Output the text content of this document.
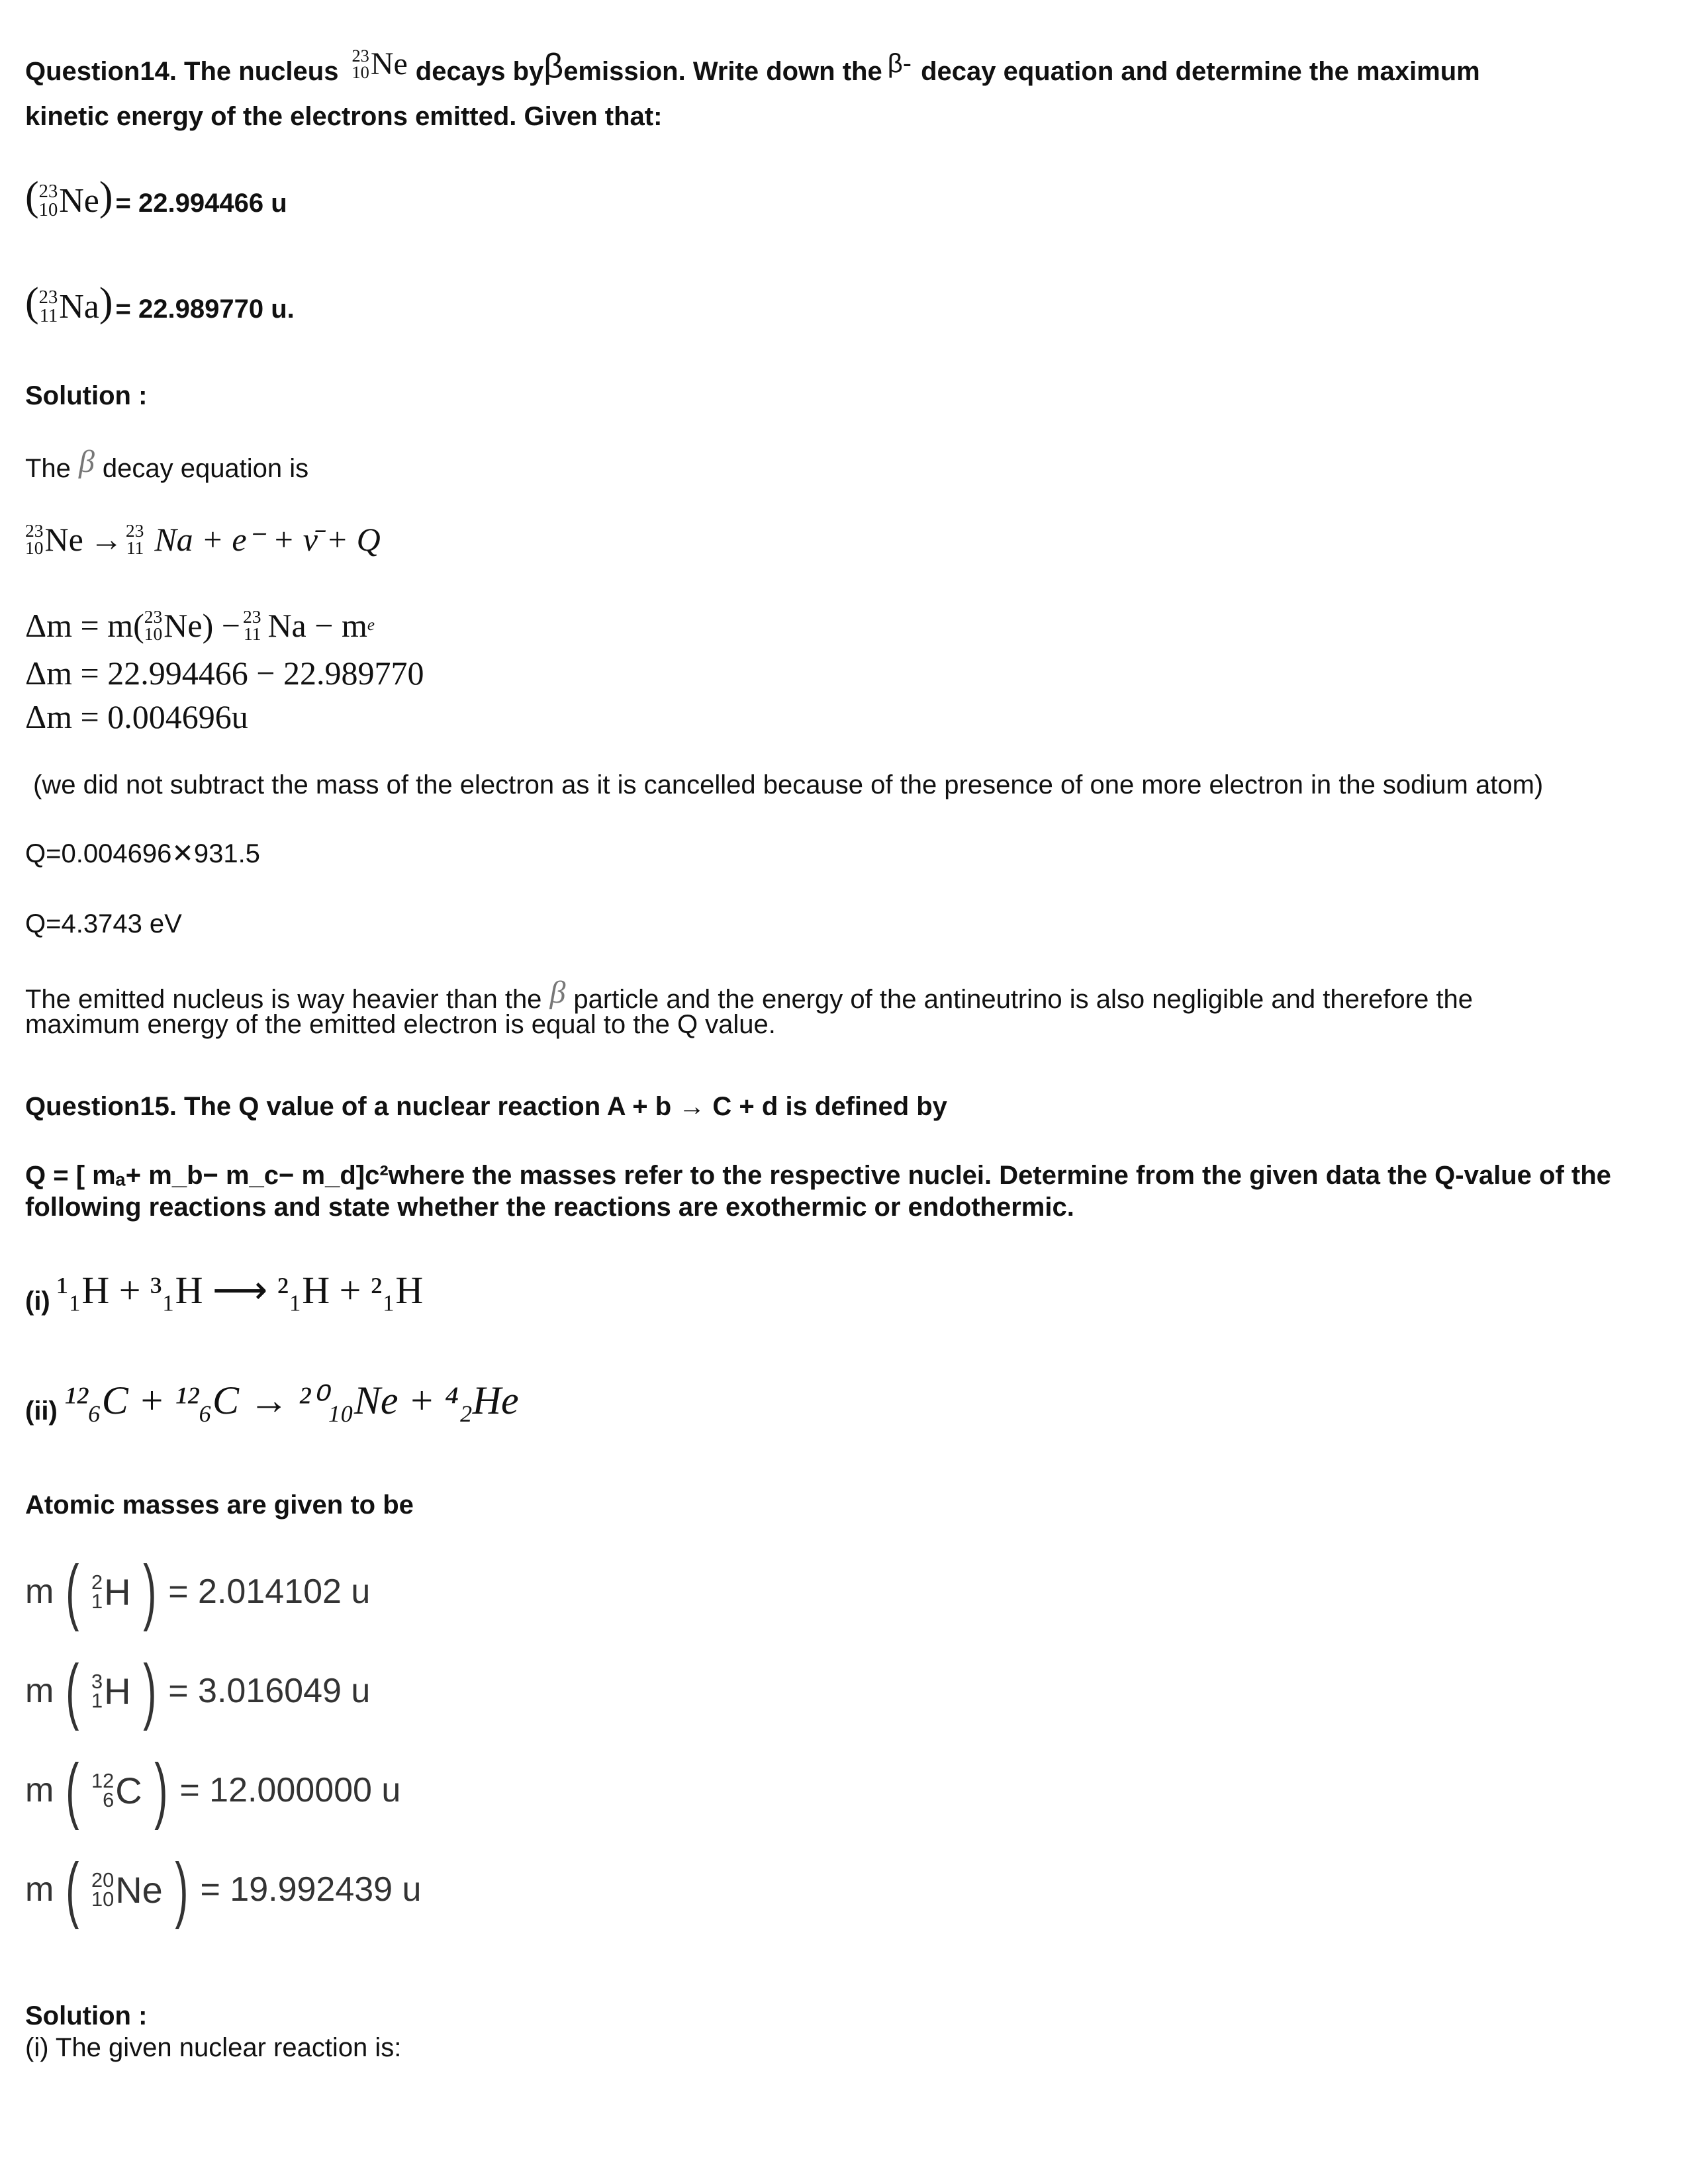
Question14. The nucleus
23
10 Ne decays by β emission. Write down the β- decay equation and determine the maximum
kinetic energy of the electrons emitted. Given that:
( 23
10 Ne ) = 22.994466 u
( 23
11 Na ) = 22.989770 u.
Solution :
The β decay equation is
23
10 Ne → 23
11 Na + e⁻ + ν̄ + Q
Δm = m( 23
10 Ne) − 23
11 Na − m e
Δm = 22.994466 − 22.989770
Δm = 0.004696u
(we did not subtract the mass of the electron as it is cancelled because of the presence of one more electron in the sodium atom)
Q=0.004696✕931.5
Q=4.3743 eV
The emitted nucleus is way heavier than the β particle and the energy of the antineutrino is also negligible and therefore the
maximum energy of the emitted electron is equal to the Q value.
Question15. The Q value of a nuclear reaction A + b → C + d is defined by
Q = [ mₐ+ m_b− m_c− m_d]c²where the masses refer to the respective nuclei. Determine from the given data the Q-value of the
following reactions and state whether the reactions are exothermic or endothermic.
(i) ¹₁H + ³₁H ⟶ ²₁H + ²₁H
(ii) ¹²₆C + ¹²₆C → ²⁰₁₀Ne + ⁴₂He
Atomic masses are given to be
m ( 2
1 H ) = 2.014102 u
m ( 3
1 H ) = 3.016049 u
m ( 12
6 C ) = 12.000000 u
m ( 20
10 Ne ) = 19.992439 u
Solution :
(i) The given nuclear reaction is:
